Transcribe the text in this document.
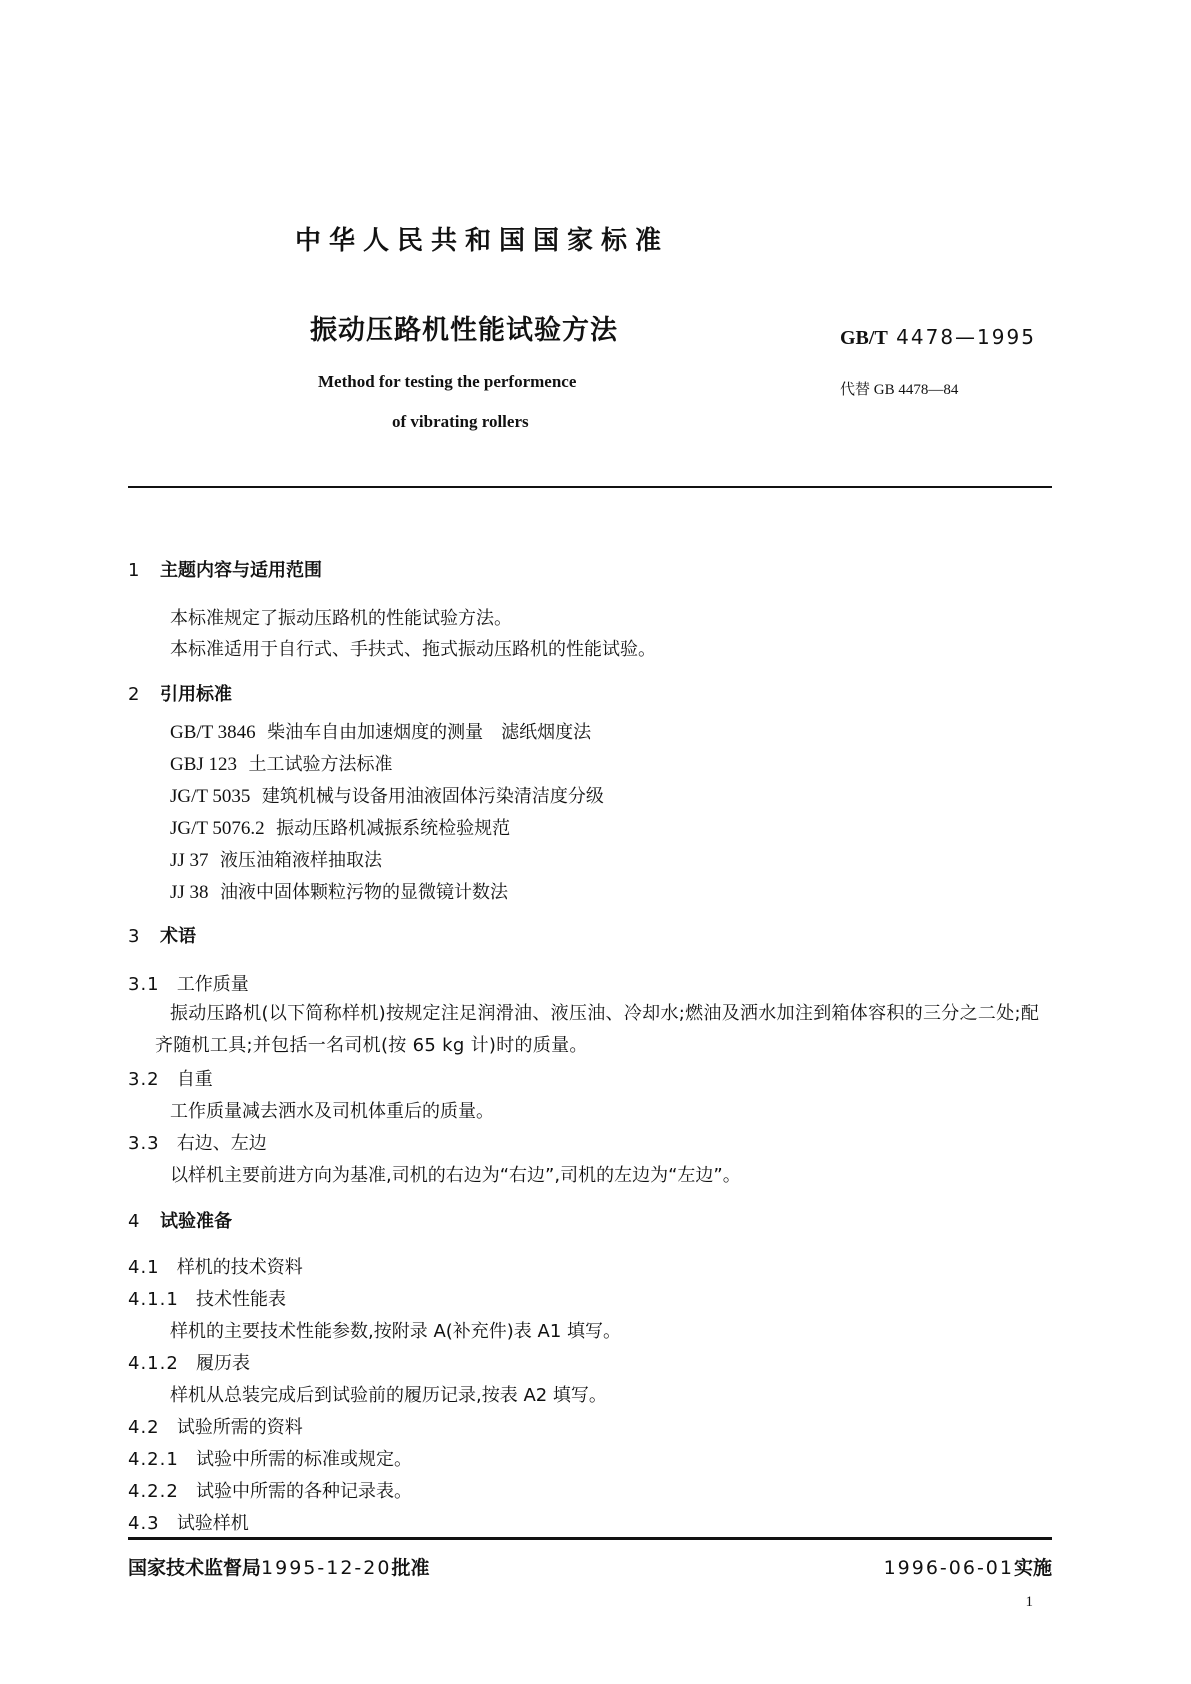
中华人民共和国国家标准
振动压路机性能试验方法	GB/T 4478—1995
Method for testing the performence
of vibrating rollers
代替 GB 4478—84
1 主题内容与适用范围
本标准规定了振动压路机的性能试验方法。
本标准适用于自行式、手扶式、拖式振动压路机的性能试验。
2 引用标准
GB/T 3846 柴油车自由加速烟度的测量　滤纸烟度法
GBJ 123 土工试验方法标准
JG/T 5035 建筑机械与设备用油液固体污染清洁度分级
JG/T 5076.2 振动压路机减振系统检验规范
JJ 37 液压油箱液样抽取法
JJ 38 油液中固体颗粒污物的显微镜计数法
3 术语
3.1 工作质量
振动压路机(以下简称样机)按规定注足润滑油、液压油、冷却水;燃油及洒水加注到箱体容积的三分之二处;配齐随机工具;并包括一名司机(按 65 kg 计)时的质量。
3.2 自重
工作质量减去洒水及司机体重后的质量。
3.3 右边、左边
以样机主要前进方向为基准,司机的右边为“右边”,司机的左边为“左边”。
4 试验准备
4.1 样机的技术资料
4.1.1 技术性能表
样机的主要技术性能参数,按附录 A(补充件)表 A1 填写。
4.1.2 履历表
样机从总装完成后到试验前的履历记录,按表 A2 填写。
4.2 试验所需的资料
4.2.1 试验中所需的标准或规定。
4.2.2 试验中所需的各种记录表。
4.3 试验样机
国家技术监督局1995-12-20批准	1996-06-01实施
1
